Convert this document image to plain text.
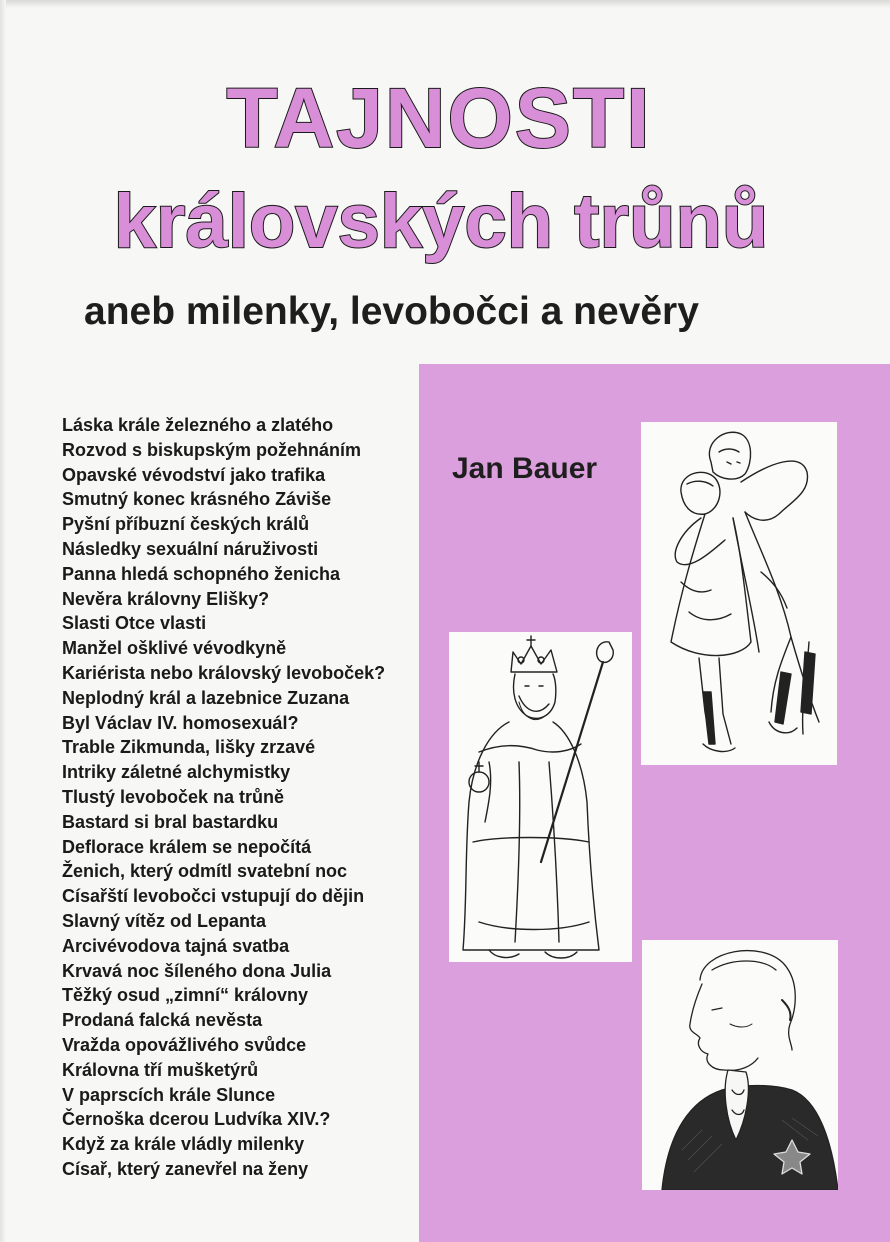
TAJNOSTI
královských trůnů
aneb milenky, levobočci a nevěry
Jan Bauer
Láska krále železného a zlatého
Rozvod s biskupským požehnáním
Opavské vévodství jako trafika
Smutný konec krásného Záviše
Pyšní příbuzní českých králů
Následky sexuální náruživosti
Panna hledá schopného ženicha
Nevěra královny Elišky?
Slasti Otce vlasti
Manžel ošklivé vévodkyně
Kariérista nebo královský levoboček?
Neplodný král a lazebnice Zuzana
Byl Václav IV. homosexuál?
Trable Zikmunda, lišky zrzavé
Intriky záletné alchymistky
Tlustý levoboček na trůně
Bastard si bral bastardku
Deflorace králem se nepočítá
Ženich, který odmítl svatební noc
Císařští levobočci vstupují do dějin
Slavný vítěz od Lepanta
Arcivévodova tajná svatba
Krvavá noc šíleného dona Julia
Těžký osud „zimní“ královny
Prodaná falcká nevěsta
Vražda opovážlivého svůdce
Královna tří mušketýrů
V paprscích krále Slunce
Černoška dcerou Ludvíka XIV.?
Když za krále vládly milenky
Císař, který zanevřel na ženy
